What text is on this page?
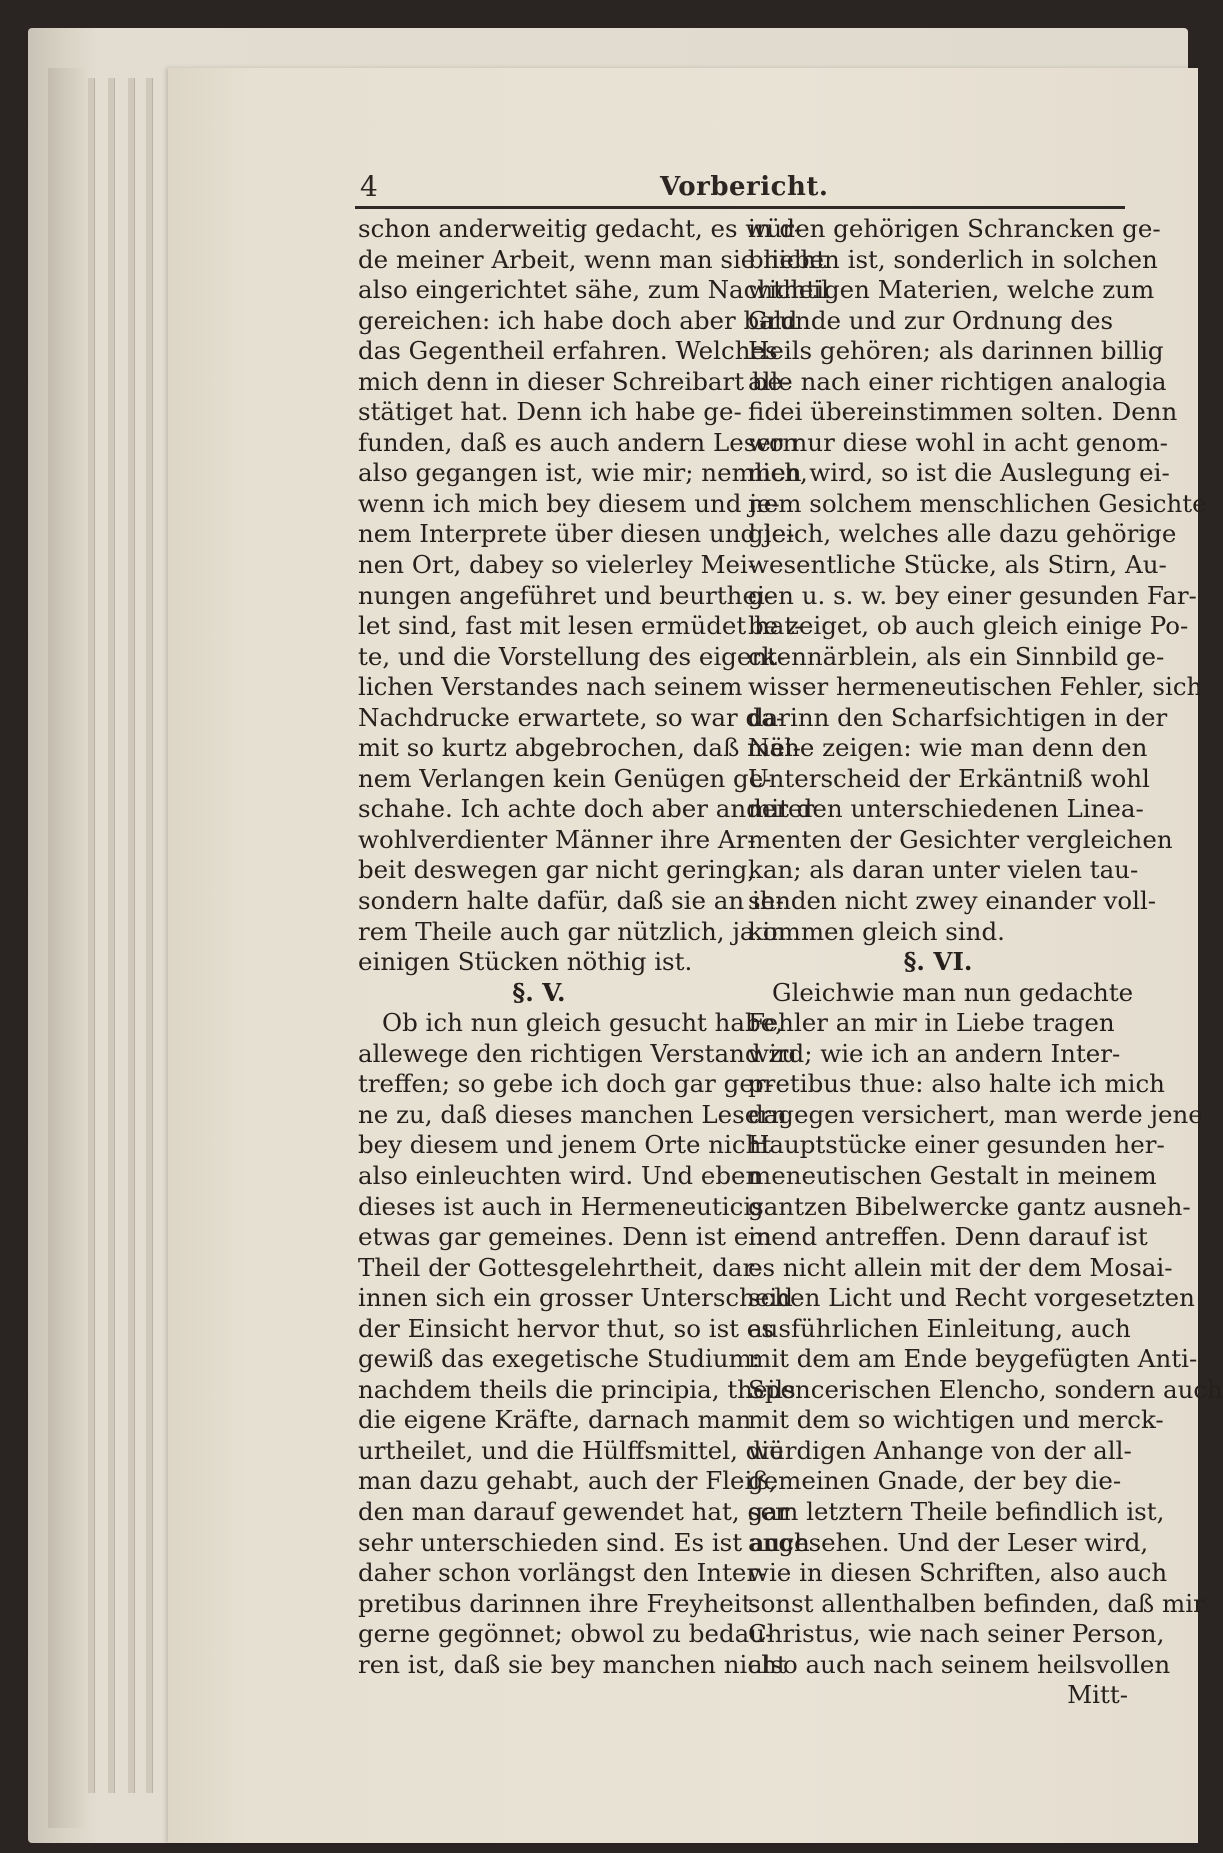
4	Vorbericht.
schon anderweitig gedacht, es wür-
de meiner Arbeit, wenn man sie nicht
also eingerichtet sähe, zum Nachtheil
gereichen: ich habe doch aber bald
das Gegentheil erfahren. Welches
mich denn in dieser Schreibart be-
stätiget hat. Denn ich habe ge-
funden, daß es auch andern Lesern
also gegangen ist, wie mir; nemlich,
wenn ich mich bey diesem und je-
nem Interprete über diesen und je-
nen Ort, dabey so vielerley Mei-
nungen angeführet und beurthei-
let sind, fast mit lesen ermüdet hat-
te, und die Vorstellung des eigent-
lichen Verstandes nach seinem
Nachdrucke erwartete, so war da-
mit so kurtz abgebrochen, daß mei-
nem Verlangen kein Genügen ge-
schahe. Ich achte doch aber anderer
wohlverdienter Männer ihre Ar-
beit deswegen gar nicht gering,
sondern halte dafür, daß sie an ih-
rem Theile auch gar nützlich, ja in
einigen Stücken nöthig ist.
§. V.
Ob ich nun gleich gesucht habe,
allewege den richtigen Verstand zu
treffen; so gebe ich doch gar ger-
ne zu, daß dieses manchen Lesern
bey diesem und jenem Orte nicht
also einleuchten wird. Und eben
dieses ist auch in Hermeneuticis
etwas gar gemeines. Denn ist ein
Theil der Gottesgelehrtheit, dar-
innen sich ein grosser Unterscheid
der Einsicht hervor thut, so ist es
gewiß das exegetische Studium:
nachdem theils die principia, theils
die eigene Kräfte, darnach man
urtheilet, und die Hülffsmittel, die
man dazu gehabt, auch der Fleiß,
den man darauf gewendet hat, gar
sehr unterschieden sind. Es ist auch
daher schon vorlängst den Inter-
pretibus darinnen ihre Freyheit
gerne gegönnet; obwol zu bedau-
ren ist, daß sie bey manchen nicht
in den gehörigen Schrancken ge-
blieben ist, sonderlich in solchen
wichtigen Materien, welche zum
Grunde und zur Ordnung des
Heils gehören; als darinnen billig
alle nach einer richtigen analogia
fidei übereinstimmen solten. Denn
wo nur diese wohl in acht genom-
men wird, so ist die Auslegung ei-
nem solchem menschlichen Gesichte
gleich, welches alle dazu gehörige
wesentliche Stücke, als Stirn, Au-
gen u. s. w. bey einer gesunden Far-
be zeiget, ob auch gleich einige Po-
ckennärblein, als ein Sinnbild ge-
wisser hermeneutischen Fehler, sich
darinn den Scharfsichtigen in der
Nähe zeigen: wie man denn den
Unterscheid der Erkäntniß wohl
mit den unterschiedenen Linea-
menten der Gesichter vergleichen
kan; als daran unter vielen tau-
senden nicht zwey einander voll-
kommen gleich sind.
§. VI.
Gleichwie man nun gedachte
Fehler an mir in Liebe tragen
wird; wie ich an andern Inter-
pretibus thue: also halte ich mich
dagegen versichert, man werde jene
Hauptstücke einer gesunden her-
meneutischen Gestalt in meinem
gantzen Bibelwercke gantz ausneh-
mend antreffen. Denn darauf ist
es nicht allein mit der dem Mosai-
schen Licht und Recht vorgesetzten
ausführlichen Einleitung, auch
mit dem am Ende beygefügten Anti-
Spencerischen Elencho, sondern auch
mit dem so wichtigen und merck-
würdigen Anhange von der all-
gemeinen Gnade, der bey die-
sem letztern Theile befindlich ist,
angesehen. Und der Leser wird,
wie in diesen Schriften, also auch
sonst allenthalben befinden, daß mir
Christus, wie nach seiner Person,
also auch nach seinem heilsvollen
Mitt-
